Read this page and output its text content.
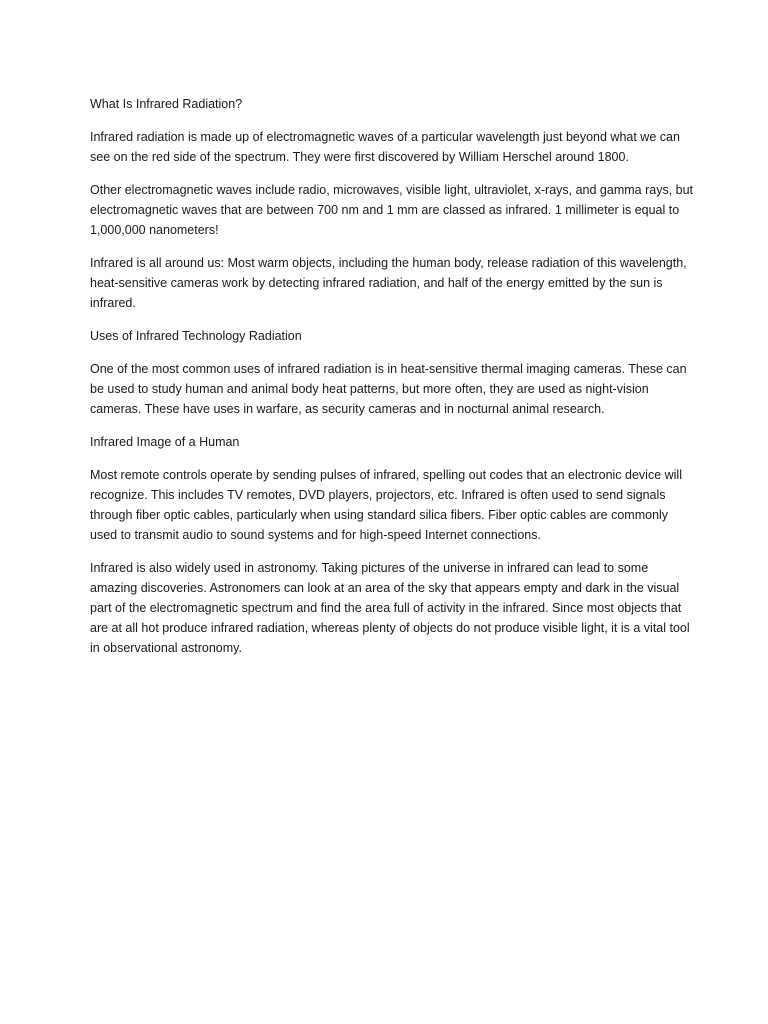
What Is Infrared Radiation?

Infrared radiation is made up of electromagnetic waves of a particular wavelength just beyond what we can see on the red side of the spectrum. They were first discovered by William Herschel around 1800.

Other electromagnetic waves include radio, microwaves, visible light, ultraviolet, x-rays, and gamma rays, but electromagnetic waves that are between 700 nm and 1 mm are classed as infrared. 1 millimeter is equal to 1,000,000 nanometers!

Infrared is all around us: Most warm objects, including the human body, release radiation of this wavelength, heat-sensitive cameras work by detecting infrared radiation, and half of the energy emitted by the sun is infrared.

Uses of Infrared Technology Radiation

One of the most common uses of infrared radiation is in heat-sensitive thermal imaging cameras. These can be used to study human and animal body heat patterns, but more often, they are used as night-vision cameras. These have uses in warfare, as security cameras and in nocturnal animal research.

Infrared Image of a Human

Most remote controls operate by sending pulses of infrared, spelling out codes that an electronic device will recognize. This includes TV remotes, DVD players, projectors, etc. Infrared is often used to send signals through fiber optic cables, particularly when using standard silica fibers. Fiber optic cables are commonly used to transmit audio to sound systems and for high-speed Internet connections.

Infrared is also widely used in astronomy. Taking pictures of the universe in infrared can lead to some amazing discoveries. Astronomers can look at an area of the sky that appears empty and dark in the visual part of the electromagnetic spectrum and find the area full of activity in the infrared. Since most objects that are at all hot produce infrared radiation, whereas plenty of objects do not produce visible light, it is a vital tool in observational astronomy.
